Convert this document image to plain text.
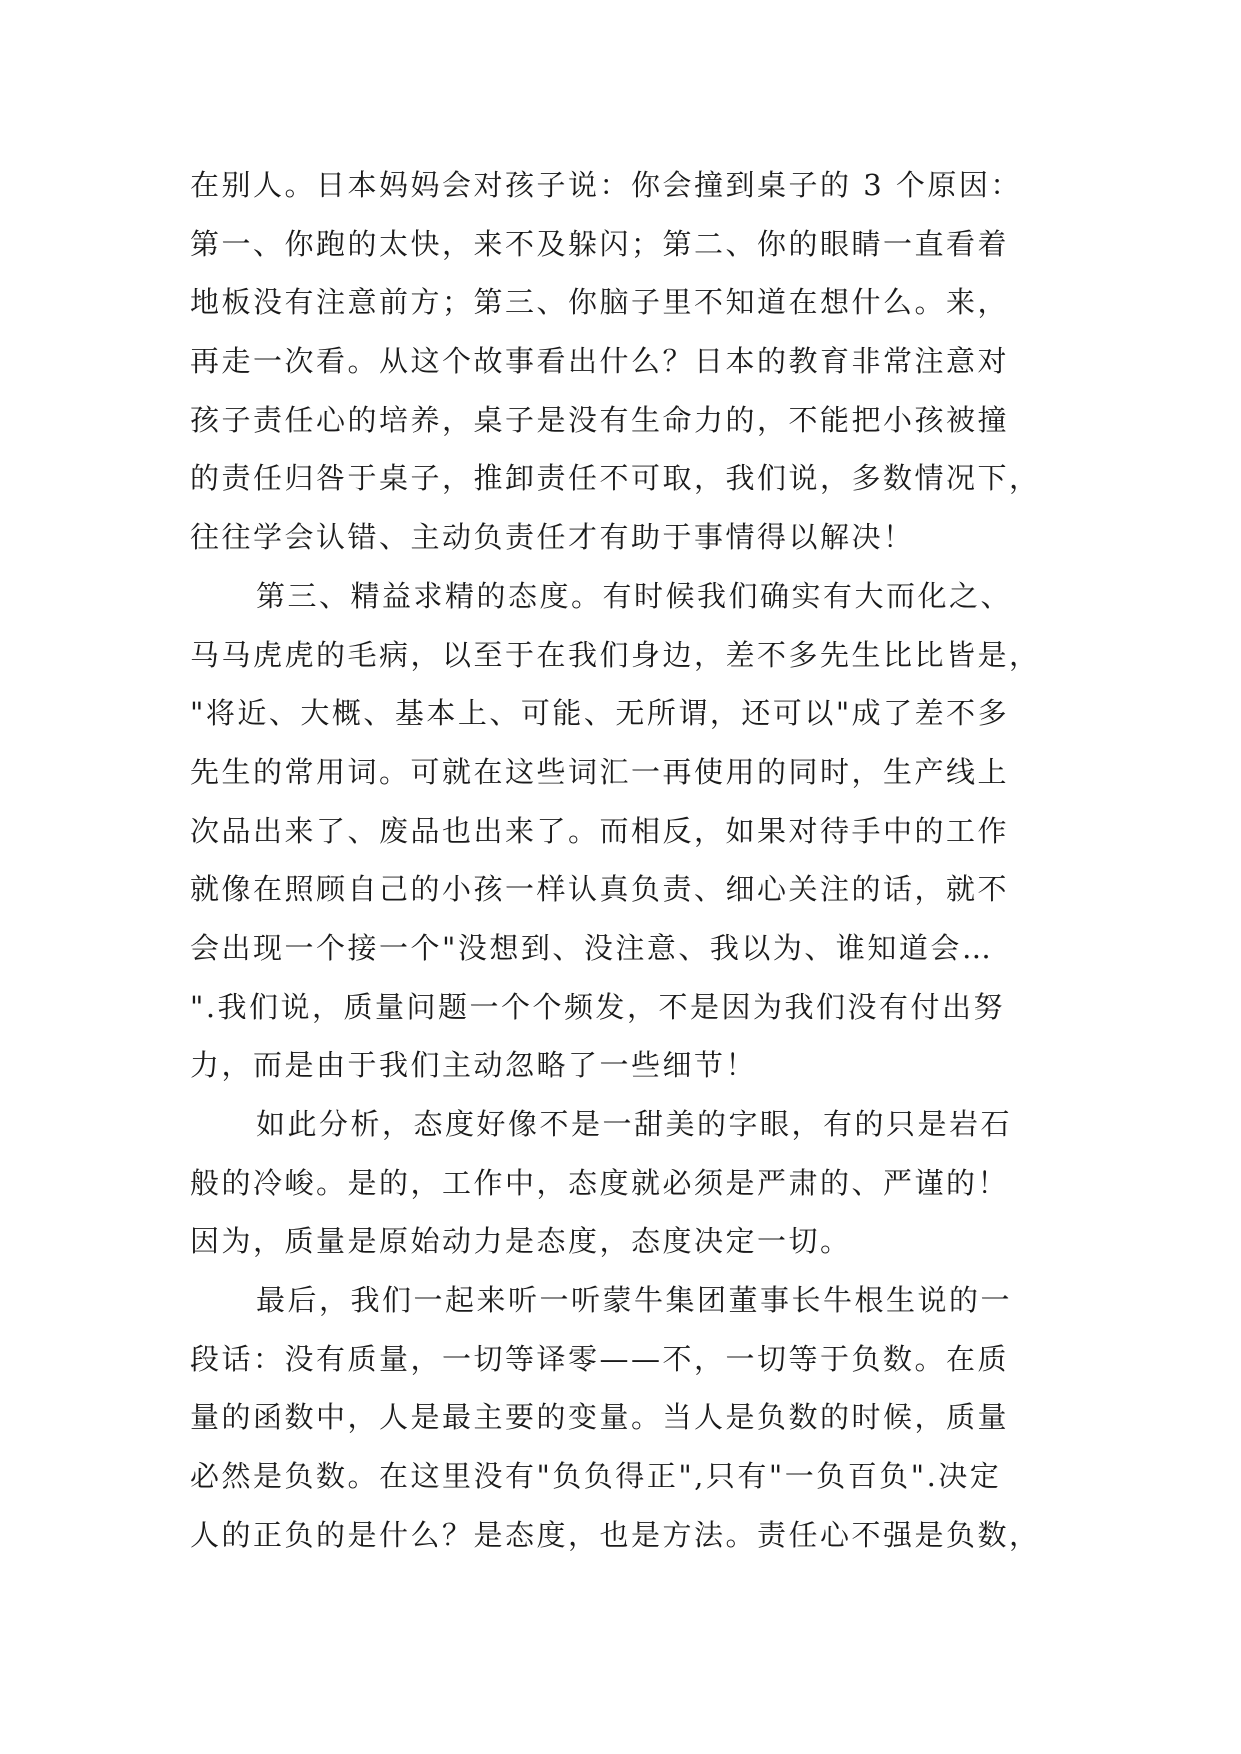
在别人。日本妈妈会对孩子说：你会撞到桌子的 3 个原因：
第一、你跑的太快，来不及躲闪；第二、你的眼睛一直看着
地板没有注意前方；第三、你脑子里不知道在想什么。来，
再走一次看。从这个故事看出什么？日本的教育非常注意对
孩子责任心的培养，桌子是没有生命力的，不能把小孩被撞
的责任归咎于桌子，推卸责任不可取，我们说，多数情况下，
往往学会认错、主动负责任才有助于事情得以解决！
第三、精益求精的态度。有时候我们确实有大而化之、
马马虎虎的毛病，以至于在我们身边，差不多先生比比皆是，
"将近、大概、基本上、可能、无所谓，还可以"成了差不多
先生的常用词。可就在这些词汇一再使用的同时，生产线上
次品出来了、废品也出来了。而相反，如果对待手中的工作
就像在照顾自己的小孩一样认真负责、细心关注的话，就不
会出现一个接一个"没想到、没注意、我以为、谁知道会…
".我们说，质量问题一个个频发，不是因为我们没有付出努
力，而是由于我们主动忽略了一些细节！
如此分析，态度好像不是一甜美的字眼，有的只是岩石
般的冷峻。是的，工作中，态度就必须是严肃的、严谨的！
因为，质量是原始动力是态度，态度决定一切。
最后，我们一起来听一听蒙牛集团董事长牛根生说的一
段话：没有质量，一切等译零——不，一切等于负数。在质
量的函数中，人是最主要的变量。当人是负数的时候，质量
必然是负数。在这里没有"负负得正",只有"一负百负".决定
人的正负的是什么？是态度，也是方法。责任心不强是负数，
